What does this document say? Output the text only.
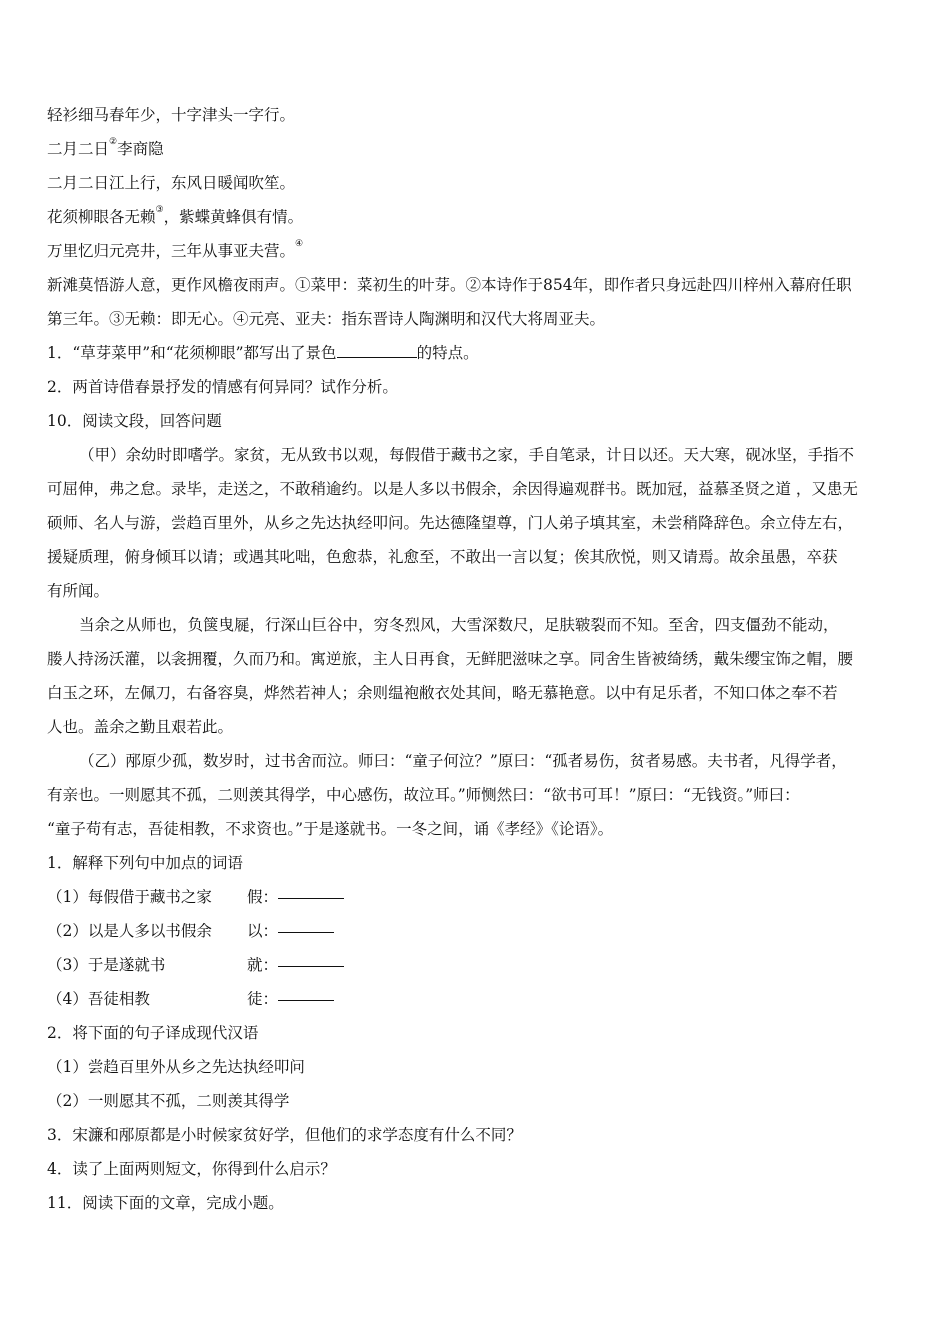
轻衫细马春年少，十字津头一字行。
二月二日②李商隐
二月二日江上行，东风日暖闻吹笙。
花须柳眼各无赖③，紫蝶黄蜂俱有情。
万里忆归元亮井，三年从事亚夫营。④
新滩莫悟游人意，更作风檐夜雨声。①菜甲：菜初生的叶芽。②本诗作于854年，即作者只身远赴四川梓州入幕府任职
第三年。③无赖：即无心。④元亮、亚夫：指东晋诗人陶渊明和汉代大将周亚夫。
1．“草芽菜甲”和“花须柳眼”都写出了景色	的特点。
2．两首诗借春景抒发的情感有何异同？试作分析。
10．阅读文段，回答问题
（甲）余幼时即嗜学。家贫，无从致书以观，每假借于藏书之家，手自笔录，计日以还。天大寒，砚冰坚，手指不
可屈伸，弗之怠。录毕，走送之，不敢稍逾约。以是人多以书假余，余因得遍观群书。既加冠，益慕圣贤之道 ，又患无
硕师、名人与游，尝趋百里外，从乡之先达执经叩问。先达德隆望尊，门人弟子填其室，未尝稍降辞色。余立侍左右，
援疑质理，俯身倾耳以请；或遇其叱咄，色愈恭，礼愈至，不敢出一言以复；俟其欣悦，则又请焉。故余虽愚，卒获
有所闻。
当余之从师也，负箧曳屣，行深山巨谷中，穷冬烈风，大雪深数尺，足肤皲裂而不知。至舍，四支僵劲不能动，
媵人持汤沃灌，以衾拥覆，久而乃和。寓逆旅，主人日再食，无鲜肥滋味之享。同舍生皆被绮绣，戴朱缨宝饰之帽，腰
白玉之环，左佩刀，右备容臭，烨然若神人；余则缊袍敝衣处其间，略无慕艳意。以中有足乐者，不知口体之奉不若
人也。盖余之勤且艰若此。
（乙）邴原少孤，数岁时，过书舍而泣。师曰：“童子何泣？”原曰：“孤者易伤，贫者易感。夫书者，凡得学者，
有亲也。一则愿其不孤，二则羡其得学，中心感伤，故泣耳。”师恻然曰：“欲书可耳！”原曰：“无钱资。”师曰：
“童子苟有志，吾徒相教，不求资也。”于是遂就书。一冬之间，诵《孝经》《论语》。
1．解释下列句中加点的词语
（1）每假借于藏书之家	假：
（2）以是人多以书假余	以：
（3）于是遂就书	就：
（4）吾徒相教	徒：
2．将下面的句子译成现代汉语
（1）尝趋百里外从乡之先达执经叩问
（2）一则愿其不孤，二则羡其得学
3．宋濂和邴原都是小时候家贫好学，但他们的求学态度有什么不同？
4．读了上面两则短文，你得到什么启示？
11．阅读下面的文章，完成小题。
